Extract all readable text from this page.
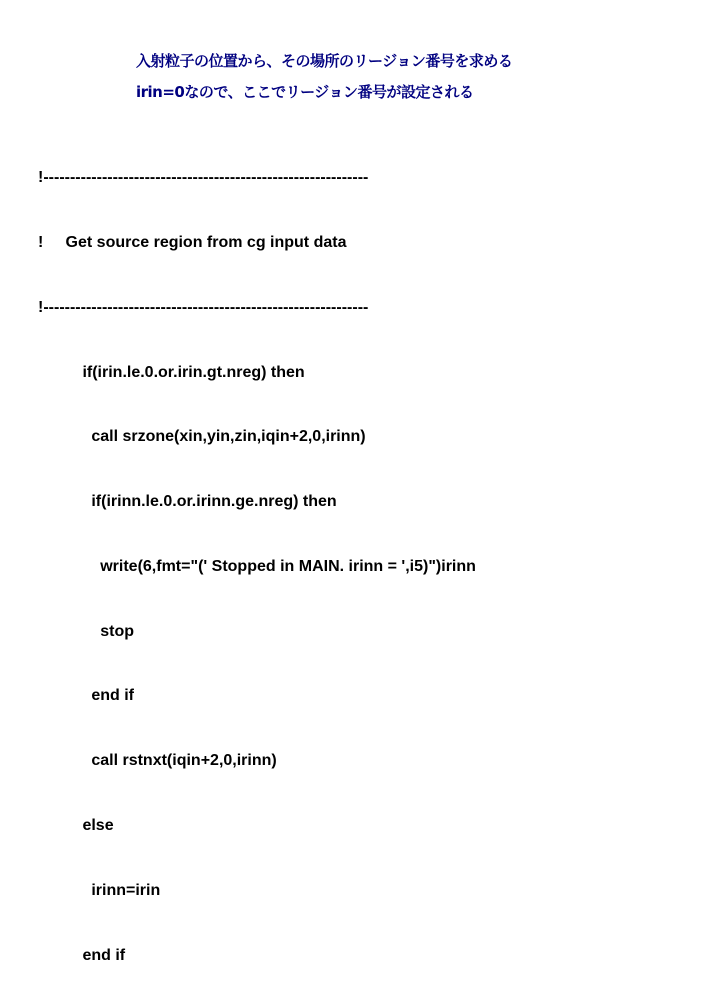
入射粒子の位置から、その場所のリージョン番号を求める
irin=0なので、ここでリージョン番号が設定される

!-------------------------------------------------------------

!     Get source region from cg input data

!-------------------------------------------------------------

if(irin.le.0.or.irin.gt.nreg) then

call srzone(xin,yin,zin,iqin+2,0,irinn)

if(irinn.le.0.or.irinn.ge.nreg) then

write(6,fmt="(' Stopped in MAIN. irinn = ',i5)")irinn

stop

end if

call rstnxt(iqin+2,0,irinn)

else

irinn=irin

end if
